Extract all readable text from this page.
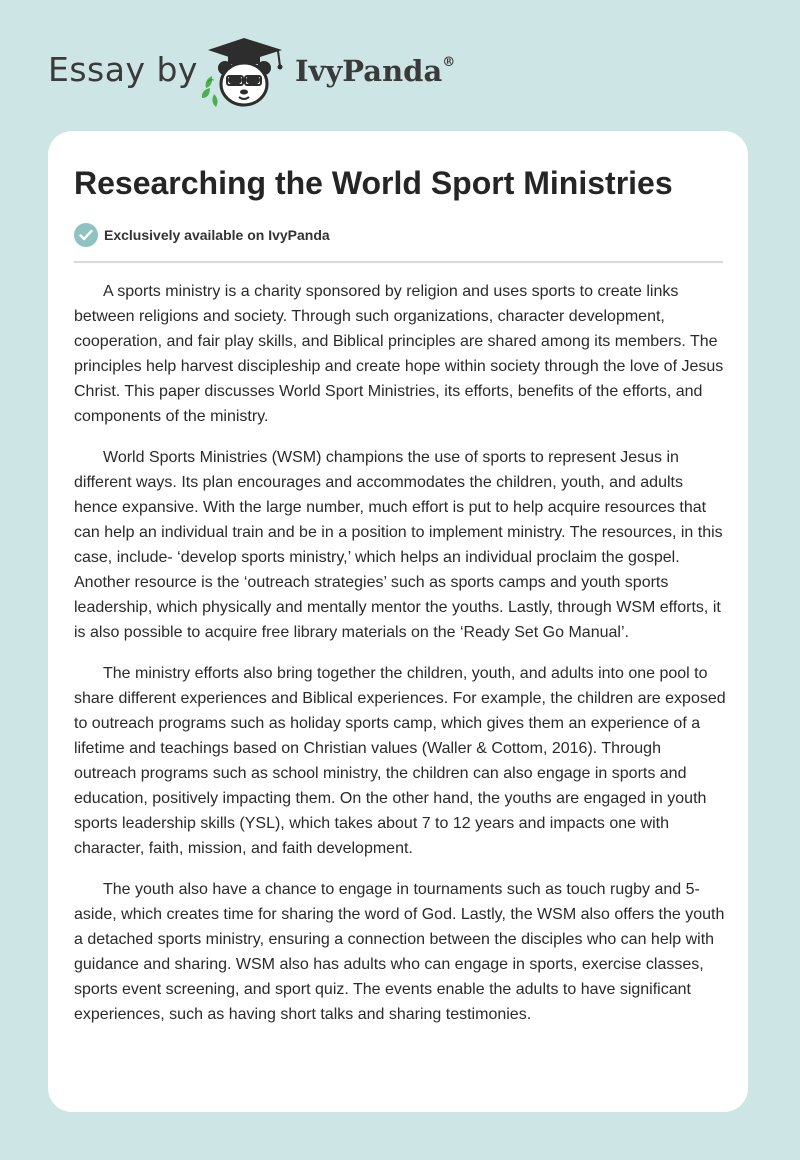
Essay by	IvyPanda®
Researching the World Sport Ministries
Exclusively available on IvyPanda

A sports ministry is a charity sponsored by religion and uses sports to create links between religions and society. Through such organizations, character development, cooperation, and fair play skills, and Biblical principles are shared among its members. The principles help harvest discipleship and create hope within society through the love of Jesus Christ. This paper discusses World Sport Ministries, its efforts, benefits of the efforts, and components of the ministry.

World Sports Ministries (WSM) champions the use of sports to represent Jesus in different ways. Its plan encourages and accommodates the children, youth, and adults hence expansive. With the large number, much effort is put to help acquire resources that can help an individual train and be in a position to implement ministry. The resources, in this case, include- ‘develop sports ministry,’ which helps an individual proclaim the gospel. Another resource is the ‘outreach strategies’ such as sports camps and youth sports leadership, which physically and mentally mentor the youths. Lastly, through WSM efforts, it is also possible to acquire free library materials on the ‘Ready Set Go Manual’.

The ministry efforts also bring together the children, youth, and adults into one pool to share different experiences and Biblical experiences. For example, the children are exposed to outreach programs such as holiday sports camp, which gives them an experience of a lifetime and teachings based on Christian values (Waller & Cottom, 2016). Through outreach programs such as school ministry, the children can also engage in sports and education, positively impacting them. On the other hand, the youths are engaged in youth sports leadership skills (YSL), which takes about 7 to 12 years and impacts one with character, faith, mission, and faith development.

The youth also have a chance to engage in tournaments such as touch rugby and 5-aside, which creates time for sharing the word of God. Lastly, the WSM also offers the youth a detached sports ministry, ensuring a connection between the disciples who can help with guidance and sharing. WSM also has adults who can engage in sports, exercise classes, sports event screening, and sport quiz. The events enable the adults to have significant experiences, such as having short talks and sharing testimonies.
